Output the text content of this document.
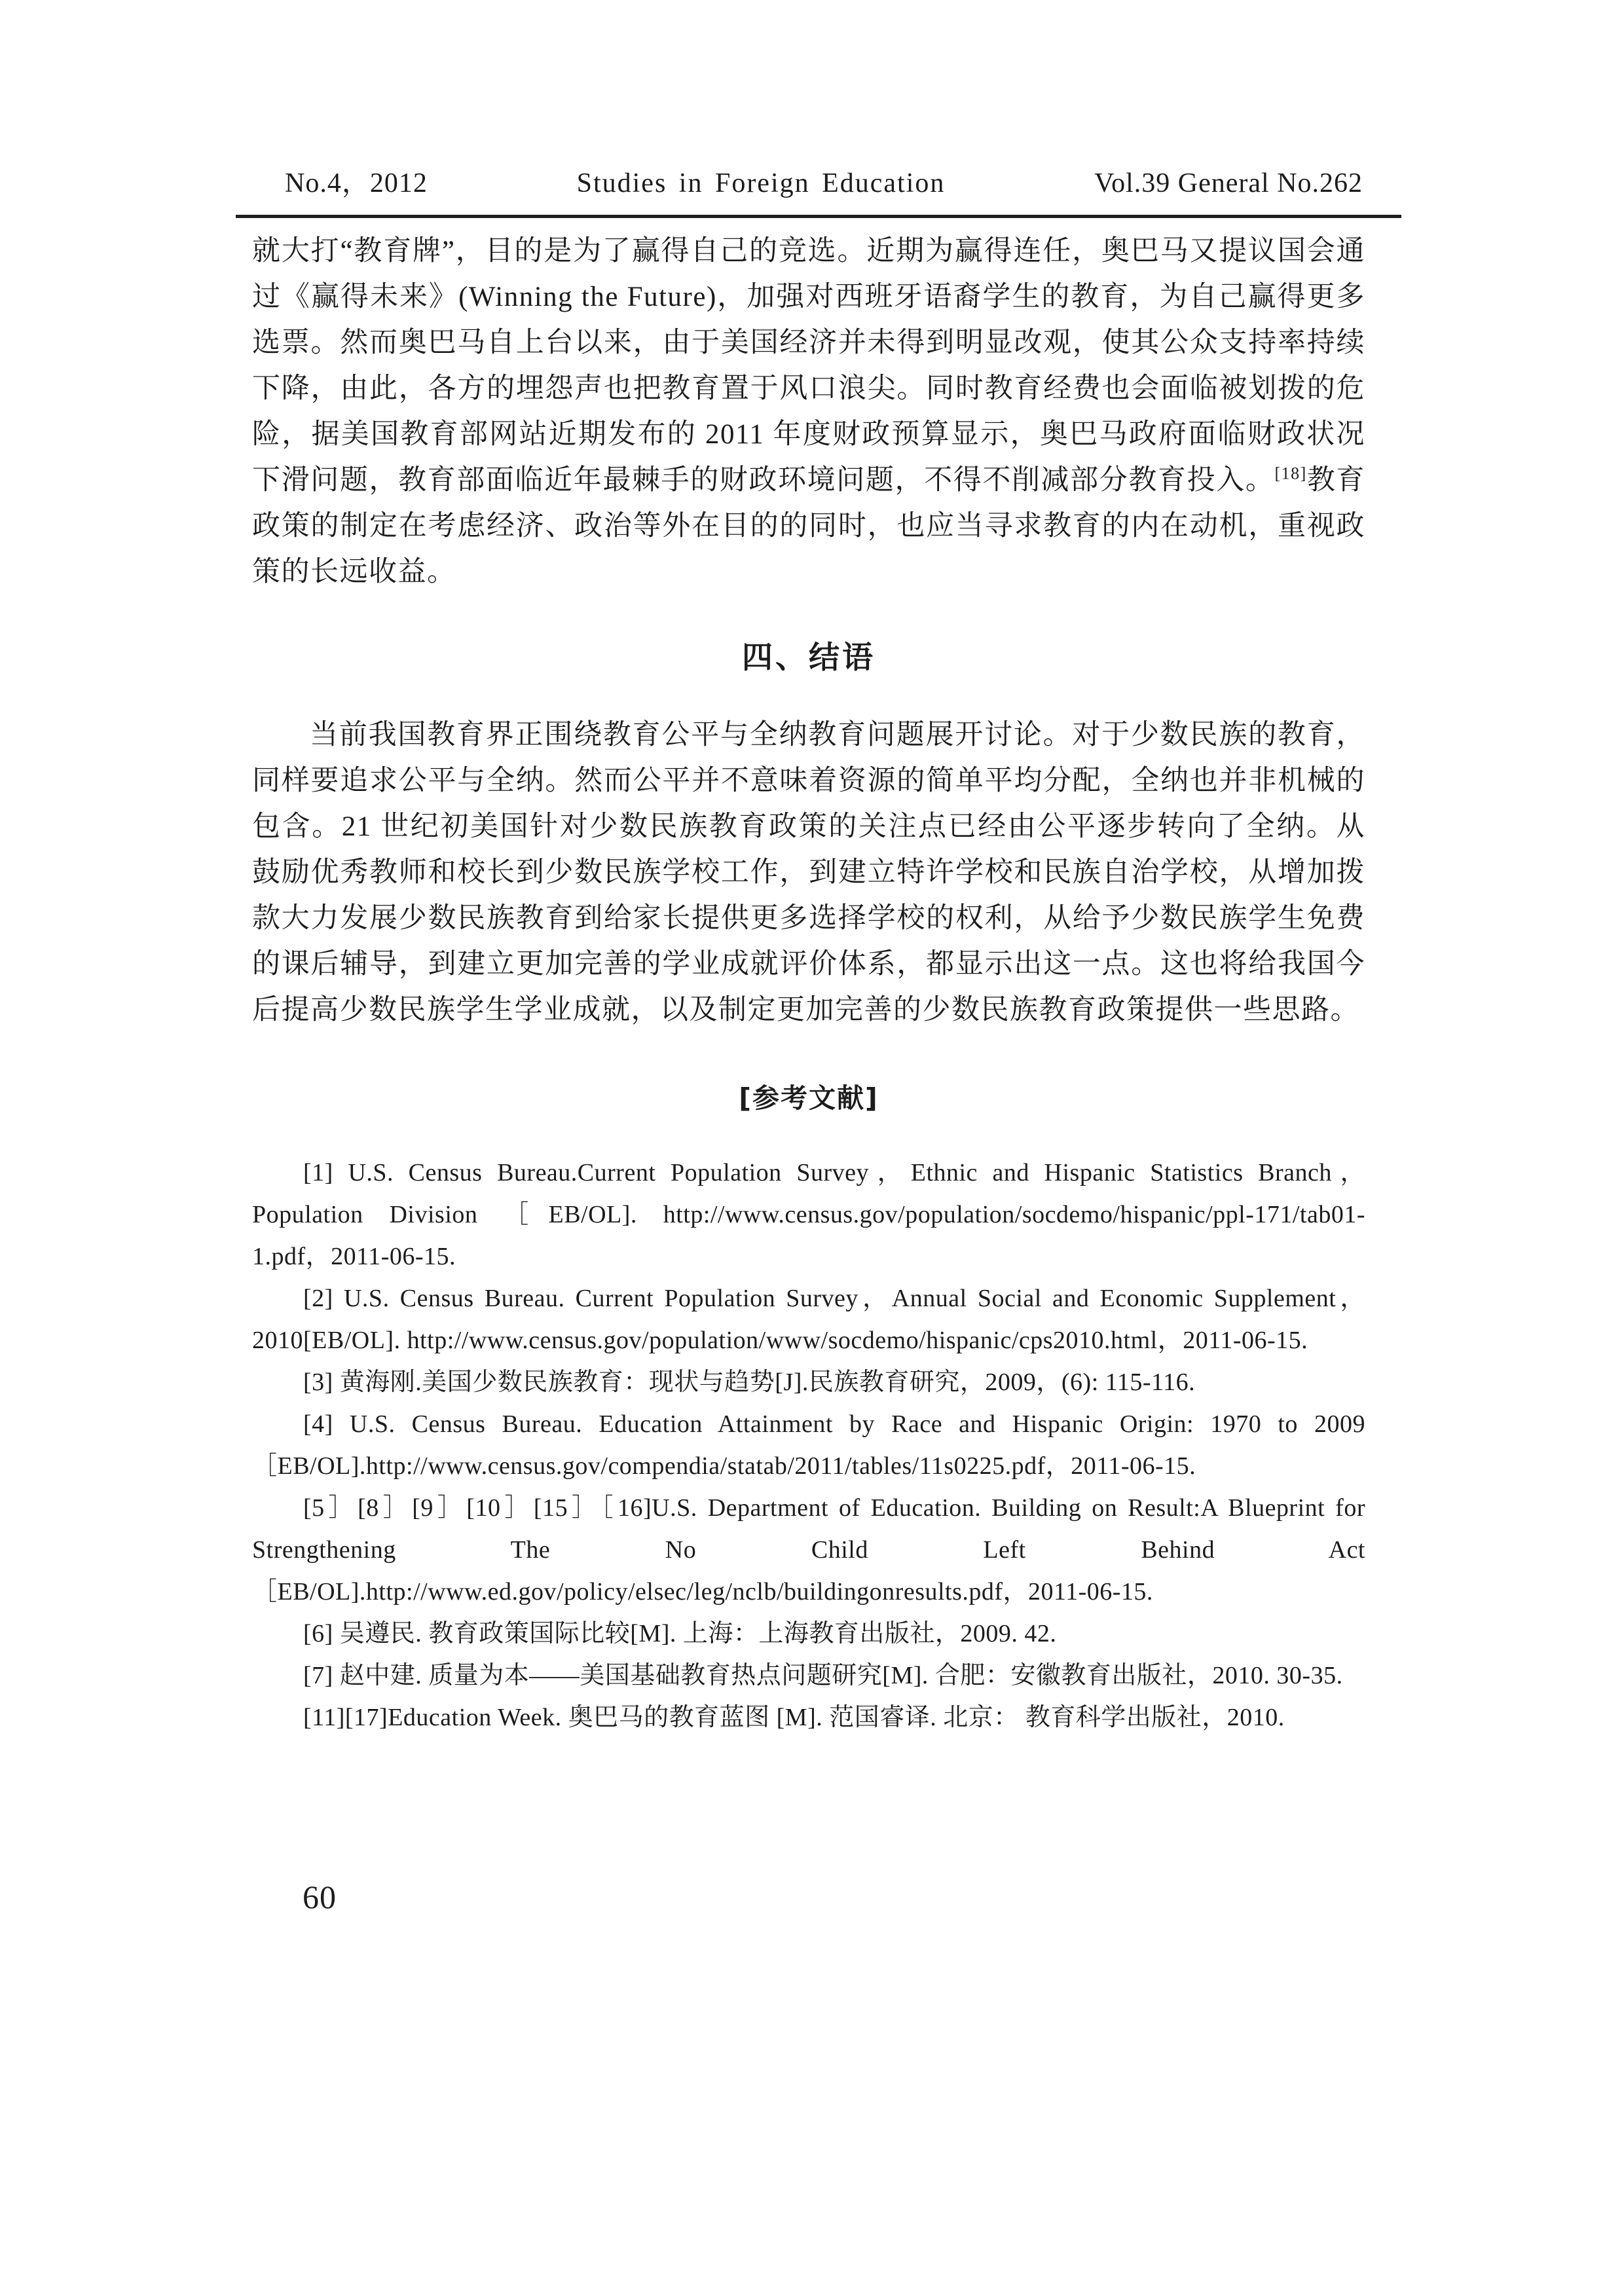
No.4，2012	Studies in Foreign Education	Vol.39 General No.262

就大打“教育牌”，目的是为了赢得自己的竞选。近期为赢得连任，奥巴马又提议国会通过《赢得未来》(Winning the Future)，加强对西班牙语裔学生的教育，为自己赢得更多选票。然而奥巴马自上台以来，由于美国经济并未得到明显改观，使其公众支持率持续下降，由此，各方的埋怨声也把教育置于风口浪尖。同时教育经费也会面临被划拨的危险，据美国教育部网站近期发布的 2011 年度财政预算显示，奥巴马政府面临财政状况下滑问题，教育部面临近年最棘手的财政环境问题，不得不削减部分教育投入。[18]教育政策的制定在考虑经济、政治等外在目的的同时，也应当寻求教育的内在动机，重视政策的长远收益。

四、结语

当前我国教育界正围绕教育公平与全纳教育问题展开讨论。对于少数民族的教育，同样要追求公平与全纳。然而公平并不意味着资源的简单平均分配，全纳也并非机械的包含。21 世纪初美国针对少数民族教育政策的关注点已经由公平逐步转向了全纳。从鼓励优秀教师和校长到少数民族学校工作，到建立特许学校和民族自治学校，从增加拨款大力发展少数民族教育到给家长提供更多选择学校的权利，从给予少数民族学生免费的课后辅导，到建立更加完善的学业成就评价体系，都显示出这一点。这也将给我国今后提高少数民族学生学业成就，以及制定更加完善的少数民族教育政策提供一些思路。

[参考文献]

[1] U.S. Census Bureau.Current Population Survey，Ethnic and Hispanic Statistics Branch，Population Division ［EB/OL]. http://www.census.gov/population/socdemo/hispanic/ppl-171/tab01-1.pdf，2011-06-15.

[2] U.S. Census Bureau. Current Population Survey，Annual Social and Economic Supplement，2010[EB/OL]. http://www.census.gov/population/www/socdemo/hispanic/cps2010.html，2011-06-15.

[3] 黄海刚.美国少数民族教育：现状与趋势[J].民族教育研究，2009，(6): 115-116.

[4] U.S. Census Bureau. Education Attainment by Race and Hispanic Origin: 1970 to 2009 ［EB/OL].http://www.census.gov/compendia/statab/2011/tables/11s0225.pdf，2011-06-15.

[5］[8］[9］[10］[15］［16]U.S. Department of Education. Building on Result:A Blueprint for Strengthening The No Child Left Behind Act ［EB/OL].http://www.ed.gov/policy/elsec/leg/nclb/buildingonresults.pdf，2011-06-15.

[6] 吴遵民. 教育政策国际比较[M]. 上海：上海教育出版社，2009. 42.

[7] 赵中建. 质量为本——美国基础教育热点问题研究[M]. 合肥：安徽教育出版社，2010. 30-35.

[11][17]Education Week. 奥巴马的教育蓝图 [M]. 范国睿译. 北京： 教育科学出版社，2010.

60
